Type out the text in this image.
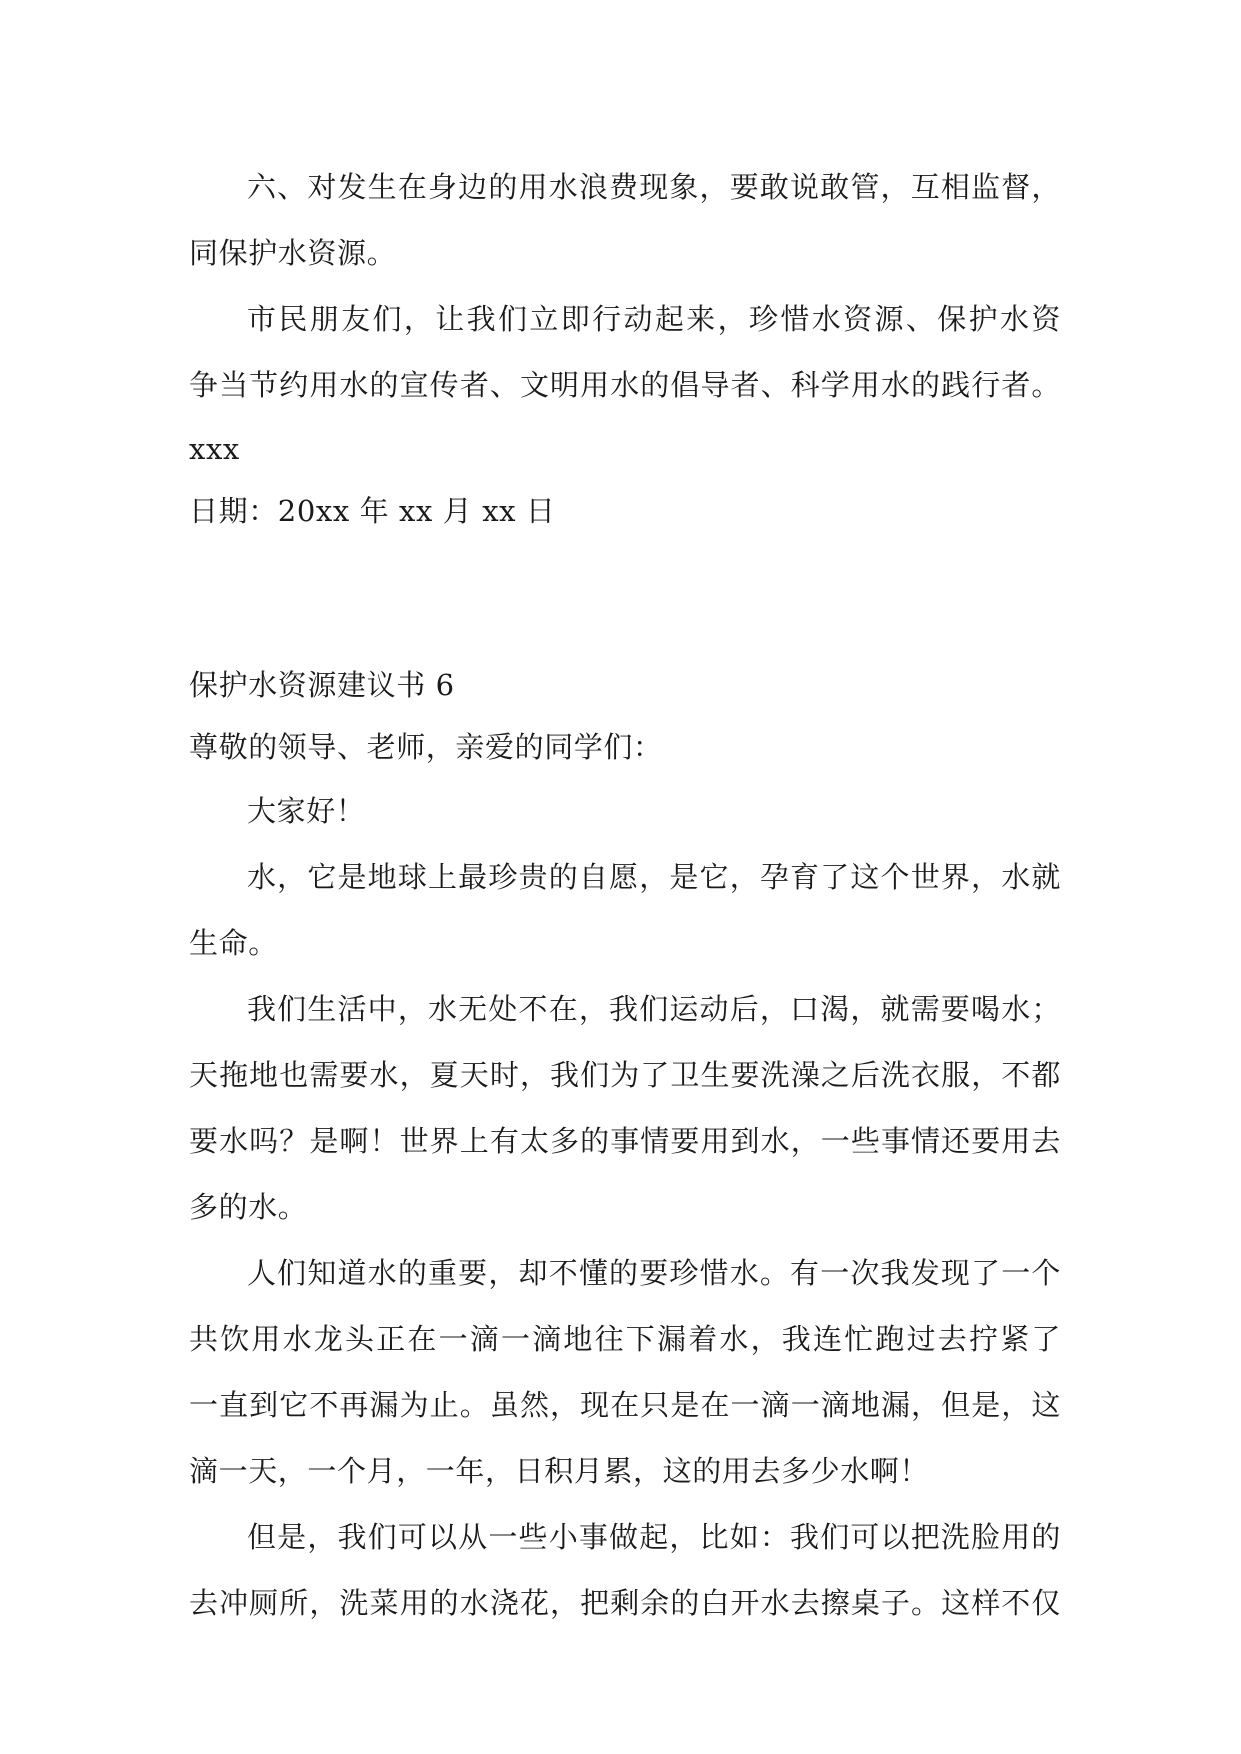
六、对发生在身边的用水浪费现象，要敢说敢管，互相监督，
同保护水资源。
市民朋友们，让我们立即行动起来，珍惜水资源、保护水资
争当节约用水的宣传者、文明用水的倡导者、科学用水的践行者。
xxx
日期：20xx 年 xx 月 xx 日
保护水资源建议书 6
尊敬的领导、老师，亲爱的同学们：
大家好！
水，它是地球上最珍贵的自愿，是它，孕育了这个世界，水就
生命。
我们生活中，水无处不在，我们运动后，口渴，就需要喝水；
天拖地也需要水，夏天时，我们为了卫生要洗澡之后洗衣服，不都
要水吗？是啊！世界上有太多的事情要用到水，一些事情还要用去
多的水。
人们知道水的重要，却不懂的要珍惜水。有一次我发现了一个
共饮用水龙头正在一滴一滴地往下漏着水，我连忙跑过去拧紧了
一直到它不再漏为止。虽然，现在只是在一滴一滴地漏，但是，这
滴一天，一个月，一年，日积月累，这的用去多少水啊！
但是，我们可以从一些小事做起，比如：我们可以把洗脸用的
去冲厕所，洗菜用的水浇花，把剩余的白开水去擦桌子。这样不仅
